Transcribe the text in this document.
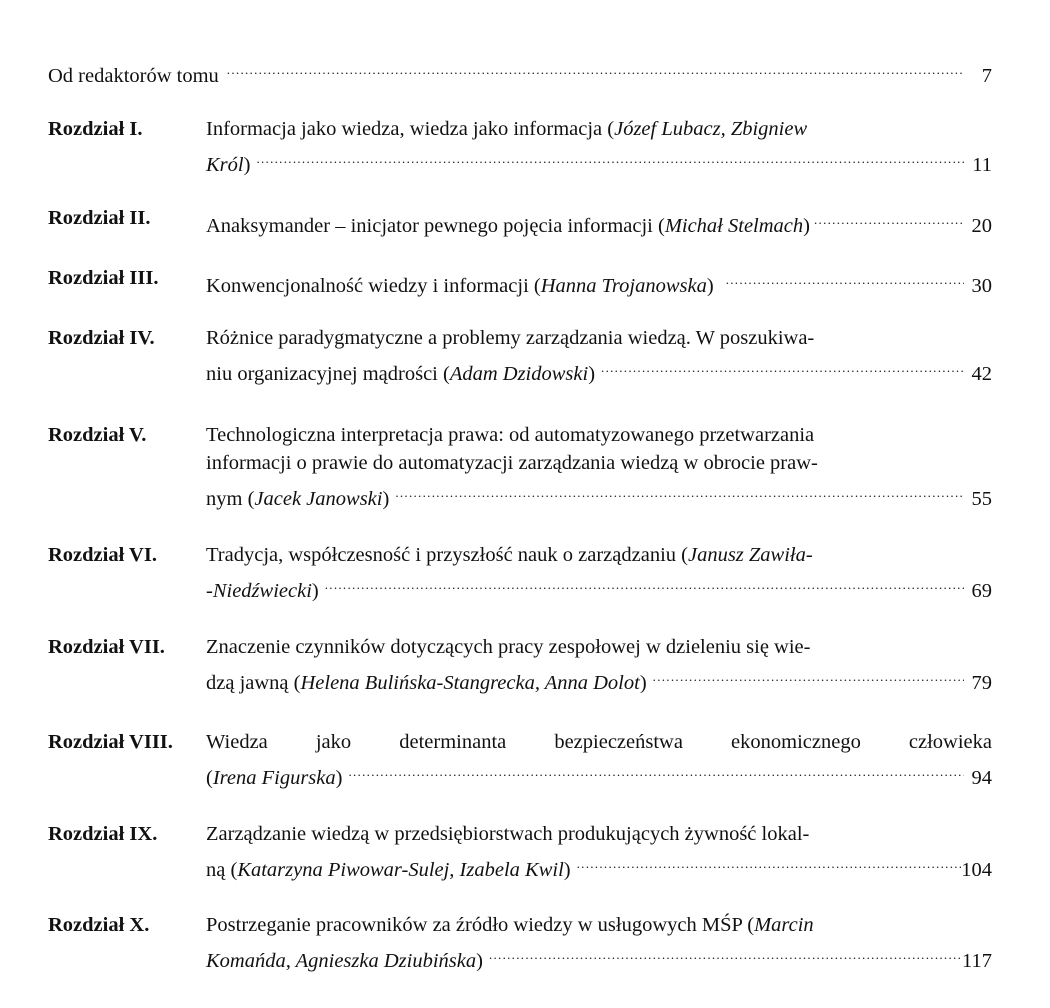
Od redaktorów tomu .....	7
Rozdział I.	Informacja jako wiedza, wiedza jako informacja (Józef Lubacz, Zbigniew
Król) .....	11
Rozdział II.	Anaksymander – inicjator pewnego pojęcia informacji (Michał Stelmach) .....	20
Rozdział III.	Konwencjonalność wiedzy i informacji (Hanna Trojanowska) .....	30
Rozdział IV.	Różnice paradygmatyczne a problemy zarządzania wiedzą. W poszukiwa-
niu organizacyjnej mądrości (Adam Dzidowski) .....	42
Rozdział V.	Technologiczna interpretacja prawa: od automatyzowanego przetwarzania
informacji o prawie do automatyzacji zarządzania wiedzą w obrocie praw-
nym (Jacek Janowski) .....	55
Rozdział VI.	Tradycja, współczesność i przyszłość nauk o zarządzaniu (Janusz Zawiła-
-Niedźwiecki) .....	69
Rozdział VII.	Znaczenie czynników dotyczących pracy zespołowej w dzieleniu się wie-
dzą jawną (Helena Bulińska-Stangrecka, Anna Dolot) .....	79
Rozdział VIII.	Wiedza jako determinanta bezpieczeństwa ekonomicznego człowieka
(Irena Figurska) .....	94
Rozdział IX.	Zarządzanie wiedzą w przedsiębiorstwach produkujących żywność lokal-
ną (Katarzyna Piwowar-Sulej, Izabela Kwil) .....	104
Rozdział X.	Postrzeganie pracowników za źródło wiedzy w usługowych MŚP (Marcin
Komańda, Agnieszka Dziubińska) .....	117
